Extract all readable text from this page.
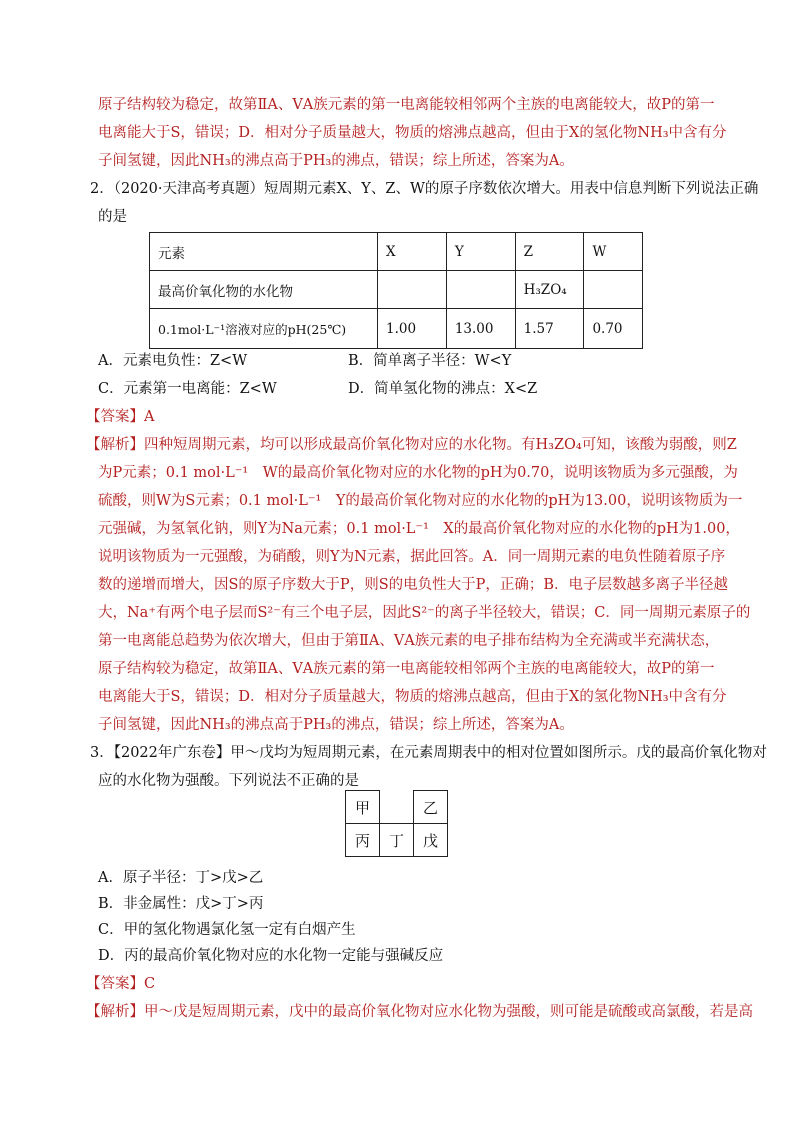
原子结构较为稳定，故第ⅡA、ⅤA族元素的第一电离能较相邻两个主族的电离能较大，故P的第一
电离能大于S，错误；D．相对分子质量越大，物质的熔沸点越高，但由于X的氢化物NH₃中含有分
子间氢键，因此NH₃的沸点高于PH₃的沸点，错误；综上所述，答案为A。
2．（2020·天津高考真题）短周期元素X、Y、Z、W的原子序数依次增大。用表中信息判断下列说法正确
的是
元素	X	Y	Z	W
最高价氧化物的水化物			H₃ZO₄	
0.1mol·L⁻¹溶液对应的pH(25℃)	1.00	13.00	1.57	0.70
A．元素电负性：Z<W	B．简单离子半径：W<Y
C．元素第一电离能：Z<W	D．简单氢化物的沸点：X<Z
【答案】A
【解析】四种短周期元素，均可以形成最高价氧化物对应的水化物。有H₃ZO₄可知，该酸为弱酸，则Z
为P元素；0.1 mol·L⁻¹　W的最高价氧化物对应的水化物的pH为0.70，说明该物质为多元强酸，为
硫酸，则W为S元素；0.1 mol·L⁻¹　Y的最高价氧化物对应的水化物的pH为13.00，说明该物质为一
元强碱，为氢氧化钠，则Y为Na元素；0.1 mol·L⁻¹　X的最高价氧化物对应的水化物的pH为1.00，
说明该物质为一元强酸，为硝酸，则Y为N元素，据此回答。A．同一周期元素的电负性随着原子序
数的递增而增大，因S的原子序数大于P，则S的电负性大于P，正确；B．电子层数越多离子半径越
大，Na⁺有两个电子层而S²⁻有三个电子层，因此S²⁻的离子半径较大，错误；C．同一周期元素原子的
第一电离能总趋势为依次增大，但由于第ⅡA、ⅤA族元素的电子排布结构为全充满或半充满状态，
原子结构较为稳定，故第ⅡA、ⅤA族元素的第一电离能较相邻两个主族的电离能较大，故P的第一
电离能大于S，错误；D．相对分子质量越大，物质的熔沸点越高，但由于X的氢化物NH₃中含有分
子间氢键，因此NH₃的沸点高于PH₃的沸点，错误；综上所述，答案为A。
3．【2022年广东卷】甲～戊均为短周期元素，在元素周期表中的相对位置如图所示。戊的最高价氧化物对
应的水化物为强酸。下列说法不正确的是
甲		乙
丙	丁	戊
A．原子半径：丁>戊>乙
B．非金属性：戊>丁>丙
C．甲的氢化物遇氯化氢一定有白烟产生
D．丙的最高价氧化物对应的水化物一定能与强碱反应
【答案】C
【解析】甲～戊是短周期元素，戊中的最高价氧化物对应水化物为强酸，则可能是硫酸或高氯酸，若是高
